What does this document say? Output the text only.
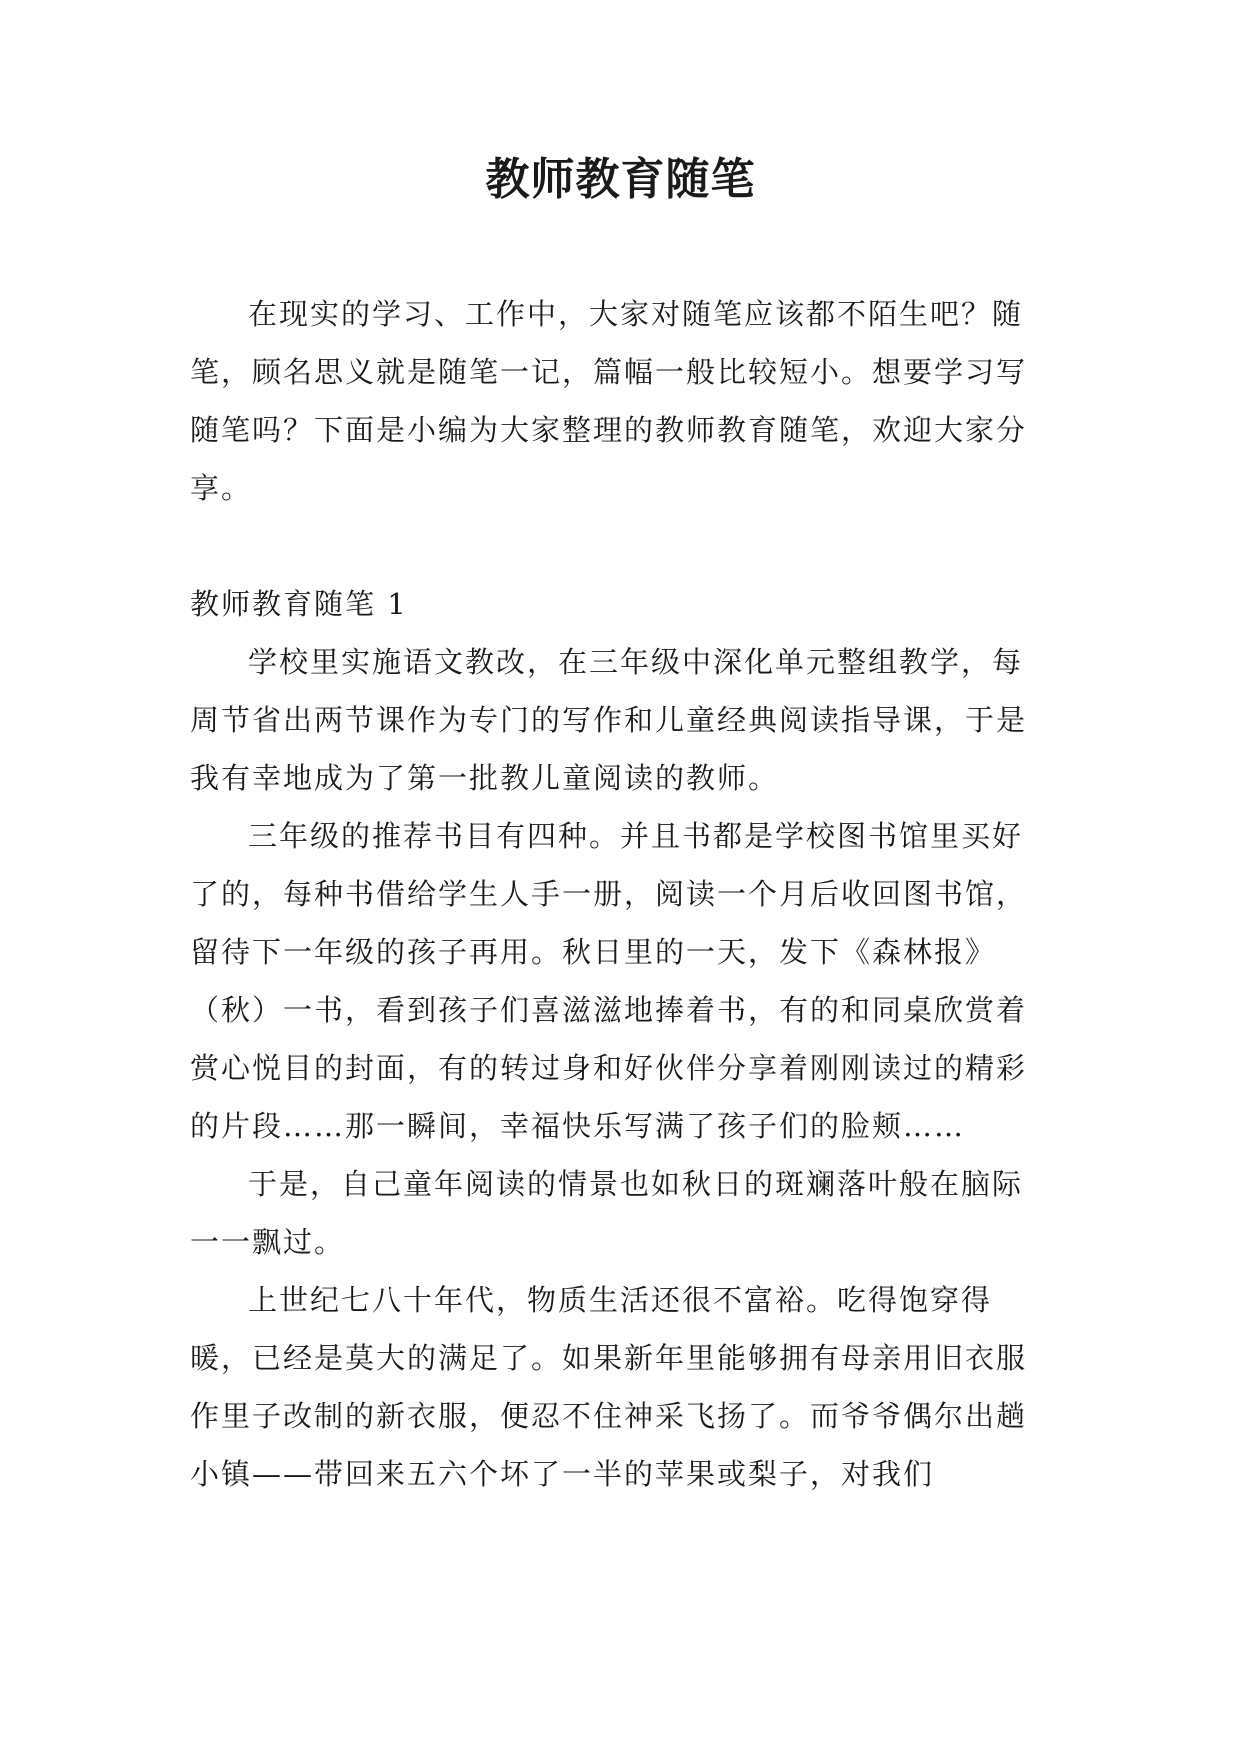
教师教育随笔

在现实的学习、工作中，大家对随笔应该都不陌生吧？随笔，顾名思义就是随笔一记，篇幅一般比较短小。想要学习写随笔吗？下面是小编为大家整理的教师教育随笔，欢迎大家分享。

教师教育随笔 1

学校里实施语文教改，在三年级中深化单元整组教学，每周节省出两节课作为专门的写作和儿童经典阅读指导课，于是我有幸地成为了第一批教儿童阅读的教师。

三年级的推荐书目有四种。并且书都是学校图书馆里买好了的，每种书借给学生人手一册，阅读一个月后收回图书馆，留待下一年级的孩子再用。秋日里的一天，发下《森林报》（秋）一书，看到孩子们喜滋滋地捧着书，有的和同桌欣赏着赏心悦目的封面，有的转过身和好伙伴分享着刚刚读过的精彩的片段……那一瞬间，幸福快乐写满了孩子们的脸颊……

于是，自己童年阅读的情景也如秋日的斑斓落叶般在脑际一一飘过。

上世纪七八十年代，物质生活还很不富裕。吃得饱穿得暖，已经是莫大的满足了。如果新年里能够拥有母亲用旧衣服作里子改制的新衣服，便忍不住神采飞扬了。而爷爷偶尔出趟小镇——带回来五六个坏了一半的苹果或梨子，对我们
